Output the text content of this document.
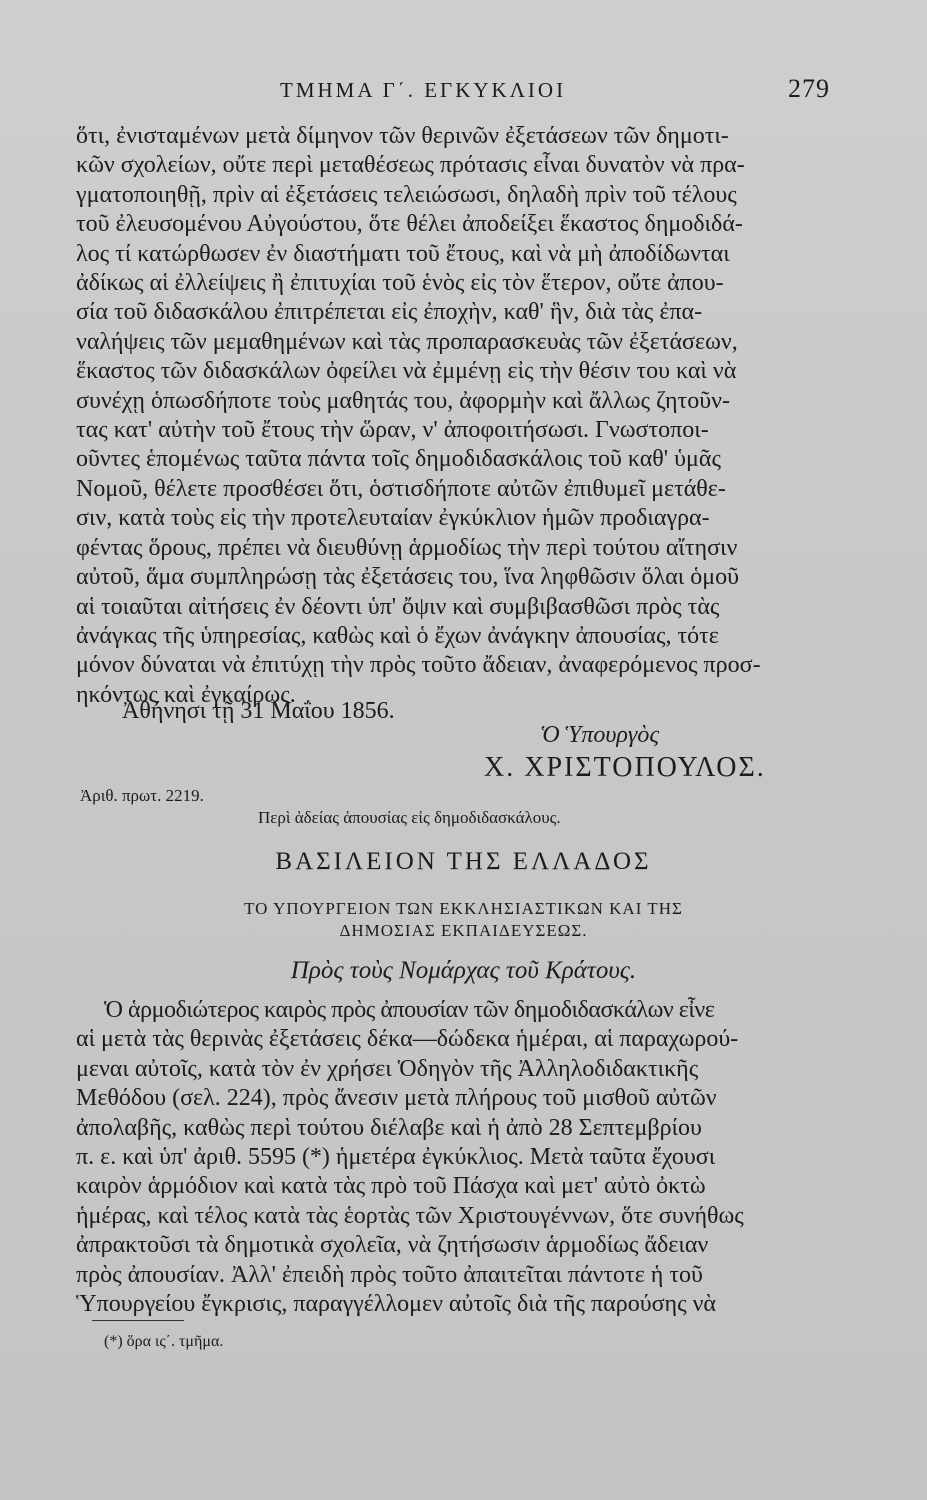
ΤΜΗΜΑ Γ΄. ΕΓΚΥΚΛΙΟΙ	279
ὅτι, ἐνισταμένων μετὰ δίμηνον τῶν θερινῶν ἐξετάσεων τῶν δημοτι-
κῶν σχολείων, οὔτε περὶ μεταθέσεως πρότασις εἶναι δυνατὸν νὰ πρα-
γματοποιηθῇ, πρὶν αἱ ἐξετάσεις τελειώσωσι, δηλαδὴ πρὶν τοῦ τέλους
τοῦ ἐλευσομένου Αὐγούστου, ὅτε θέλει ἀποδείξει ἕκαστος δημοδιδά-
λος τί κατώρθωσεν ἐν διαστήματι τοῦ ἔτους, καὶ νὰ μὴ ἀποδίδωνται
ἀδίκως αἱ ἐλλείψεις ἢ ἐπιτυχίαι τοῦ ἑνὸς εἰς τὸν ἕτερον, οὔτε ἀπου-
σία τοῦ διδασκάλου ἐπιτρέπεται εἰς ἐποχὴν, καθ' ἣν, διὰ τὰς ἐπα-
ναλήψεις τῶν μεμαθημένων καὶ τὰς προπαρασκευὰς τῶν ἐξετάσεων,
ἕκαστος τῶν διδασκάλων ὀφείλει νὰ ἐμμένῃ εἰς τὴν θέσιν του καὶ νὰ
συνέχῃ ὁπωσδήποτε τοὺς μαθητάς του, ἀφορμὴν καὶ ἄλλως ζητοῦν-
τας κατ' αὐτὴν τοῦ ἔτους τὴν ὥραν, ν' ἀποφοιτήσωσι. Γνωστοποι-
οῦντες ἑπομένως ταῦτα πάντα τοῖς δημοδιδασκάλοις τοῦ καθ' ὑμᾶς
Νομοῦ, θέλετε προσθέσει ὅτι, ὁστισδήποτε αὐτῶν ἐπιθυμεῖ μετάθε-
σιν, κατὰ τοὺς εἰς τὴν προτελευταίαν ἐγκύκλιον ἡμῶν προδιαγρα-
φέντας ὅρους, πρέπει νὰ διευθύνῃ ἁρμοδίως τὴν περὶ τούτου αἴτησιν
αὐτοῦ, ἅμα συμπληρώσῃ τὰς ἐξετάσεις του, ἵνα ληφθῶσιν ὅλαι ὁμοῦ
αἱ τοιαῦται αἰτήσεις ἐν δέοντι ὑπ' ὄψιν καὶ συμβιβασθῶσι πρὸς τὰς
ἀνάγκας τῆς ὑπηρεσίας, καθὼς καὶ ὁ ἔχων ἀνάγκην ἀπουσίας, τότε
μόνον δύναται νὰ ἐπιτύχῃ τὴν πρὸς τοῦτο ἄδειαν, ἀναφερόμενος προσ-
ηκόντως καὶ ἐγκαίρως.
Ἀθήνησι τῇ 31 Μαΐου 1856.
Ὁ Ὑπουργὸς
Χ. ΧΡΙΣΤΟΠΟΥΛΟΣ.
Ἀριθ. πρωτ. 2219.
Περὶ ἀδείας ἀπουσίας εἰς δημοδιδασκάλους.
ΒΑΣΙΛΕΙΟΝ ΤΗΣ ΕΛΛΑΔΟΣ
ΤΟ ΥΠΟΥΡΓΕΙΟΝ ΤΩΝ ΕΚΚΛΗΣΙΑΣΤΙΚΩΝ ΚΑΙ ΤΗΣ
ΔΗΜΟΣΙΑΣ ΕΚΠΑΙΔΕΥΣΕΩΣ.
Πρὸς τοὺς Νομάρχας τοῦ Κράτους.
Ὁ ἁρμοδιώτερος καιρὸς πρὸς ἀπουσίαν τῶν δημοδιδασκάλων εἶνε
αἱ μετὰ τὰς θερινὰς ἐξετάσεις δέκα—δώδεκα ἡμέραι, αἱ παραχωρού-
μεναι αὐτοῖς, κατὰ τὸν ἐν χρήσει Ὁδηγὸν τῆς Ἀλληλοδιδακτικῆς
Μεθόδου (σελ. 224), πρὸς ἄνεσιν μετὰ πλήρους τοῦ μισθοῦ αὐτῶν
ἀπολαβῆς, καθὼς περὶ τούτου διέλαβε καὶ ἡ ἀπὸ 28 Σεπτεμβρίου
π. ε. καὶ ὑπ' ἀριθ. 5595 (*) ἡμετέρα ἐγκύκλιος. Μετὰ ταῦτα ἔχουσι
καιρὸν ἁρμόδιον καὶ κατὰ τὰς πρὸ τοῦ Πάσχα καὶ μετ' αὐτὸ ὀκτὼ
ἡμέρας, καὶ τέλος κατὰ τὰς ἑορτὰς τῶν Χριστουγέννων, ὅτε συνήθως
ἀπρακτοῦσι τὰ δημοτικὰ σχολεῖα, νὰ ζητήσωσιν ἁρμοδίως ἄδειαν
πρὸς ἀπουσίαν. Ἀλλ' ἐπειδὴ πρὸς τοῦτο ἀπαιτεῖται πάντοτε ἡ τοῦ
Ὑπουργείου ἔγκρισις, παραγγέλλομεν αὐτοῖς διὰ τῆς παρούσης νὰ
(*) ὅρα ις΄. τμῆμα.
